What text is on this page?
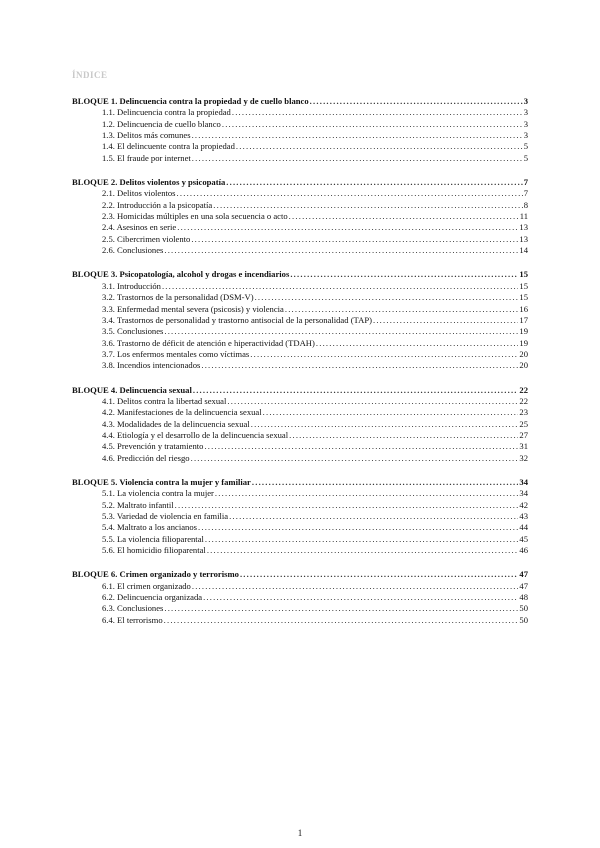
ÍNDICE
BLOQUE 1. Delincuencia contra la propiedad y de cuello blanco .....	3
1.1. Delincuencia contra la propiedad .....	3
1.2. Delincuencia de cuello blanco .....	3
1.3. Delitos más comunes .....	3
1.4. El delincuente contra la propiedad .....	5
1.5. El fraude por internet .....	5
BLOQUE 2. Delitos violentos y psicopatía .....	7
2.1. Delitos violentos .....	7
2.2. Introducción a la psicopatía .....	8
2.3. Homicidas múltiples en una sola secuencia o acto .....	11
2.4. Asesinos en serie .....	13
2.5. Cibercrimen violento .....	13
2.6. Conclusiones .....	14
BLOQUE 3. Psicopatología, alcohol y drogas e incendiarios .....	15
3.1. Introducción .....	15
3.2. Trastornos de la personalidad (DSM-V) .....	15
3.3. Enfermedad mental severa (psicosis) y violencia .....	16
3.4. Trastornos de personalidad y trastorno antisocial de la personalidad (TAP) .....	17
3.5. Conclusiones .....	19
3.6. Trastorno de déficit de atención e hiperactividad (TDAH) .....	19
3.7. Los enfermos mentales como víctimas .....	20
3.8. Incendios intencionados .....	20
BLOQUE 4. Delincuencia sexual .....	22
4.1. Delitos contra la libertad sexual .....	22
4.2. Manifestaciones de la delincuencia sexual .....	23
4.3. Modalidades de la delincuencia sexual .....	25
4.4. Etiología y el desarrollo de la delincuencia sexual .....	27
4.5. Prevención y tratamiento .....	31
4.6. Predicción del riesgo .....	32
BLOQUE 5. Violencia contra la mujer y familiar .....	34
5.1. La violencia contra la mujer .....	34
5.2. Maltrato infantil .....	42
5.3. Variedad de violencia en familia .....	43
5.4. Maltrato a los ancianos .....	44
5.5. La violencia filioparental .....	45
5.6. El homicidio filioparental .....	46
BLOQUE 6. Crimen organizado y terrorismo .....	47
6.1. El crimen organizado .....	47
6.2. Delincuencia organizada .....	48
6.3. Conclusiones .....	50
6.4. El terrorismo .....	50
1
